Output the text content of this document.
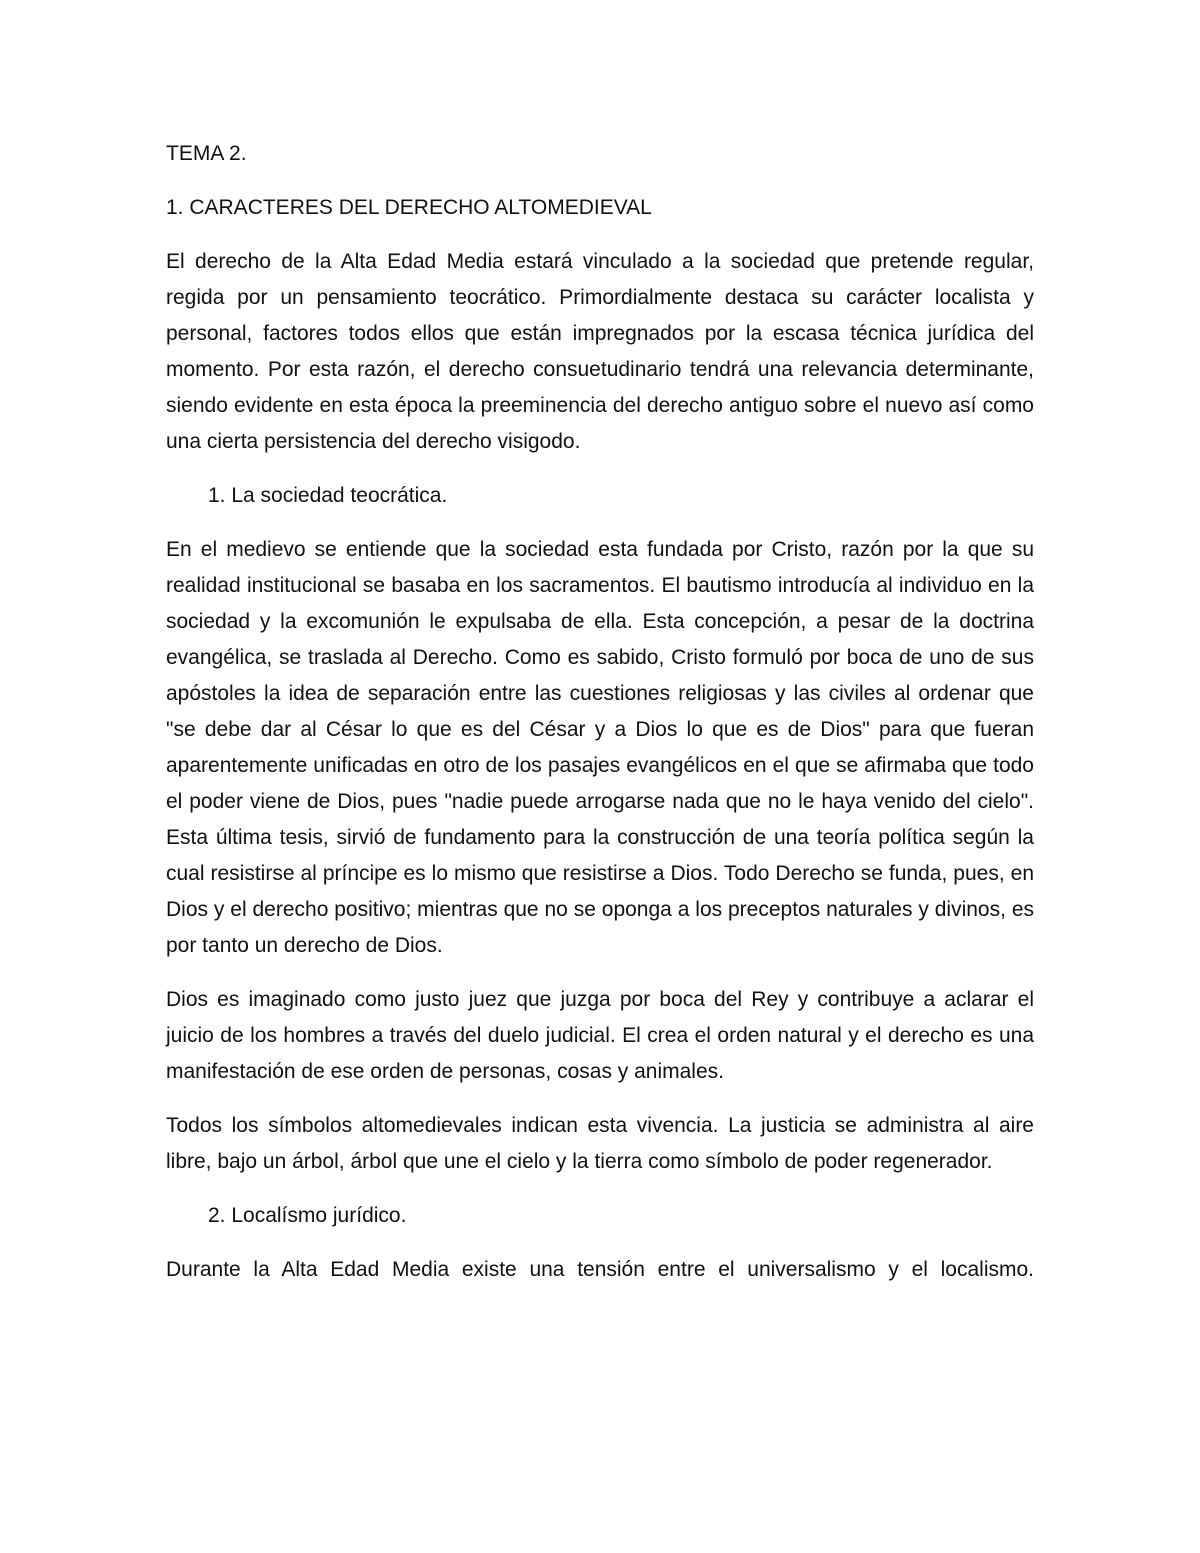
TEMA 2.

1. CARACTERES DEL DERECHO ALTOMEDIEVAL

El derecho de la Alta Edad Media estará vinculado a la sociedad que pretende regular, regida por un pensamiento teocrático. Primordialmente destaca su carácter localista y personal, factores todos ellos que están impregnados por la escasa técnica jurídica del momento. Por esta razón, el derecho consuetudinario tendrá una relevancia determinante, siendo evidente en esta época la preeminencia del derecho antiguo sobre el nuevo así como una cierta persistencia del derecho visigodo.

1. La sociedad teocrática.

En el medievo se entiende que la sociedad esta fundada por Cristo, razón por la que su realidad institucional se basaba en los sacramentos. El bautismo introducía al individuo en la sociedad y la excomunión le expulsaba de ella. Esta concepción, a pesar de la doctrina evangélica, se traslada al Derecho. Como es sabido, Cristo formuló por boca de uno de sus apóstoles la idea de separación entre las cuestiones religiosas y las civiles al ordenar que "se debe dar al César lo que es del César y a Dios lo que es de Dios" para que fueran aparentemente unificadas en otro de los pasajes evangélicos en el que se afirmaba que todo el poder viene de Dios, pues "nadie puede arrogarse nada que no le haya venido del cielo". Esta última tesis, sirvió de fundamento para la construcción de una teoría política según la cual resistirse al príncipe es lo mismo que resistirse a Dios. Todo Derecho se funda, pues, en Dios y el derecho positivo; mientras que no se oponga a los preceptos naturales y divinos, es por tanto un derecho de Dios.

Dios es imaginado como justo juez que juzga por boca del Rey y contribuye a aclarar el juicio de los hombres a través del duelo judicial. El crea el orden natural y el derecho es una manifestación de ese orden de personas, cosas y animales.

Todos los símbolos altomedievales indican esta vivencia. La justicia se administra al aire libre, bajo un árbol, árbol que une el cielo y la tierra como símbolo de poder regenerador.

2. Localísmo jurídico.

Durante la Alta Edad Media existe una tensión entre el universalismo y el localismo.
